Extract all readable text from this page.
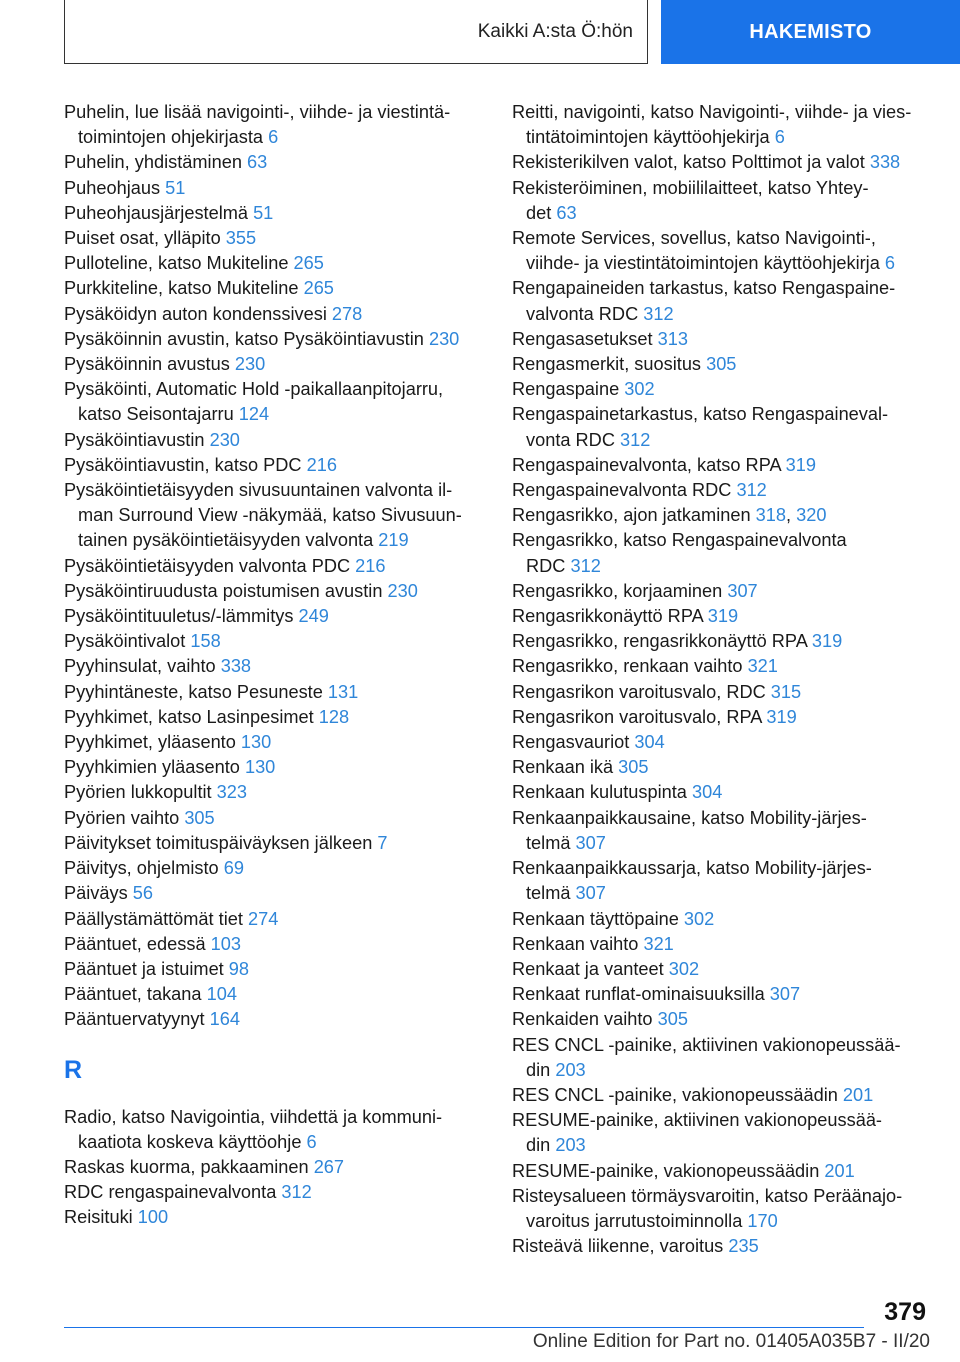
Kaikki A:sta Ö:hön	HAKEMISTO
Puhelin, lue lisää navigointi-, viihde- ja viestintä-
toimintojen ohjekirjasta 6
Puhelin, yhdistäminen 63
Puheohjaus 51
Puheohjausjärjestelmä 51
Puiset osat, ylläpito 355
Pulloteline, katso Mukiteline 265
Purkkiteline, katso Mukiteline 265
Pysäköidyn auton kondenssivesi 278
Pysäköinnin avustin, katso Pysäköintiavustin 230
Pysäköinnin avustus 230
Pysäköinti, Automatic Hold -paikallaanpitojarru,
katso Seisontajarru 124
Pysäköintiavustin 230
Pysäköintiavustin, katso PDC 216
Pysäköintietäisyyden sivusuuntainen valvonta il-
man Surround View -näkymää, katso Sivusuun-
tainen pysäköintietäisyyden valvonta 219
Pysäköintietäisyyden valvonta PDC 216
Pysäköintiruudusta poistumisen avustin 230
Pysäköintituuletus/-lämmitys 249
Pysäköintivalot 158
Pyyhinsulat, vaihto 338
Pyyhintäneste, katso Pesuneste 131
Pyyhkimet, katso Lasinpesimet 128
Pyyhkimet, yläasento 130
Pyyhkimien yläasento 130
Pyörien lukkopultit 323
Pyörien vaihto 305
Päivitykset toimituspäiväyksen jälkeen 7
Päivitys, ohjelmisto 69
Päiväys 56
Päällystämättömät tiet 274
Pääntuet, edessä 103
Pääntuet ja istuimet 98
Pääntuet, takana 104
Pääntuervatyynyt 164
R
Radio, katso Navigointia, viihdettä ja kommuni-
kaatiota koskeva käyttöohje 6
Raskas kuorma, pakkaaminen 267
RDC rengaspainevalvonta 312
Reisituki 100
Reitti, navigointi, katso Navigointi-, viihde- ja vies-
tintätoimintojen käyttöohjekirja 6
Rekisterikilven valot, katso Polttimot ja valot 338
Rekisteröiminen, mobiililaitteet, katso Yhtey-
det 63
Remote Services, sovellus, katso Navigointi-,
viihde- ja viestintätoimintojen käyttöohjekirja 6
Rengapaineiden tarkastus, katso Rengaspaine-
valvonta RDC 312
Rengasasetukset 313
Rengasmerkit, suositus 305
Rengaspaine 302
Rengaspainetarkastus, katso Rengaspaineval-
vonta RDC 312
Rengaspainevalvonta, katso RPA 319
Rengaspainevalvonta RDC 312
Rengasrikko, ajon jatkaminen 318, 320
Rengasrikko, katso Rengaspainevalvonta
RDC 312
Rengasrikko, korjaaminen 307
Rengasrikkonäyttö RPA 319
Rengasrikko, rengasrikkonäyttö RPA 319
Rengasrikko, renkaan vaihto 321
Rengasrikon varoitusvalo, RDC 315
Rengasrikon varoitusvalo, RPA 319
Rengasvauriot 304
Renkaan ikä 305
Renkaan kulutuspinta 304
Renkaanpaikkausaine, katso Mobility-järjes-
telmä 307
Renkaanpaikkaussarja, katso Mobility-järjes-
telmä 307
Renkaan täyttöpaine 302
Renkaan vaihto 321
Renkaat ja vanteet 302
Renkaat runflat-ominaisuuksilla 307
Renkaiden vaihto 305
RES CNCL -painike, aktiivinen vakionopeussää-
din 203
RES CNCL -painike, vakionopeussäädin 201
RESUME-painike, aktiivinen vakionopeussää-
din 203
RESUME-painike, vakionopeussäädin 201
Risteysalueen törmäysvaroitin, katso Peräänajo-
varoitus jarrutustoiminnolla 170
Risteävä liikenne, varoitus 235
379
Online Edition for Part no. 01405A035B7 - II/20
